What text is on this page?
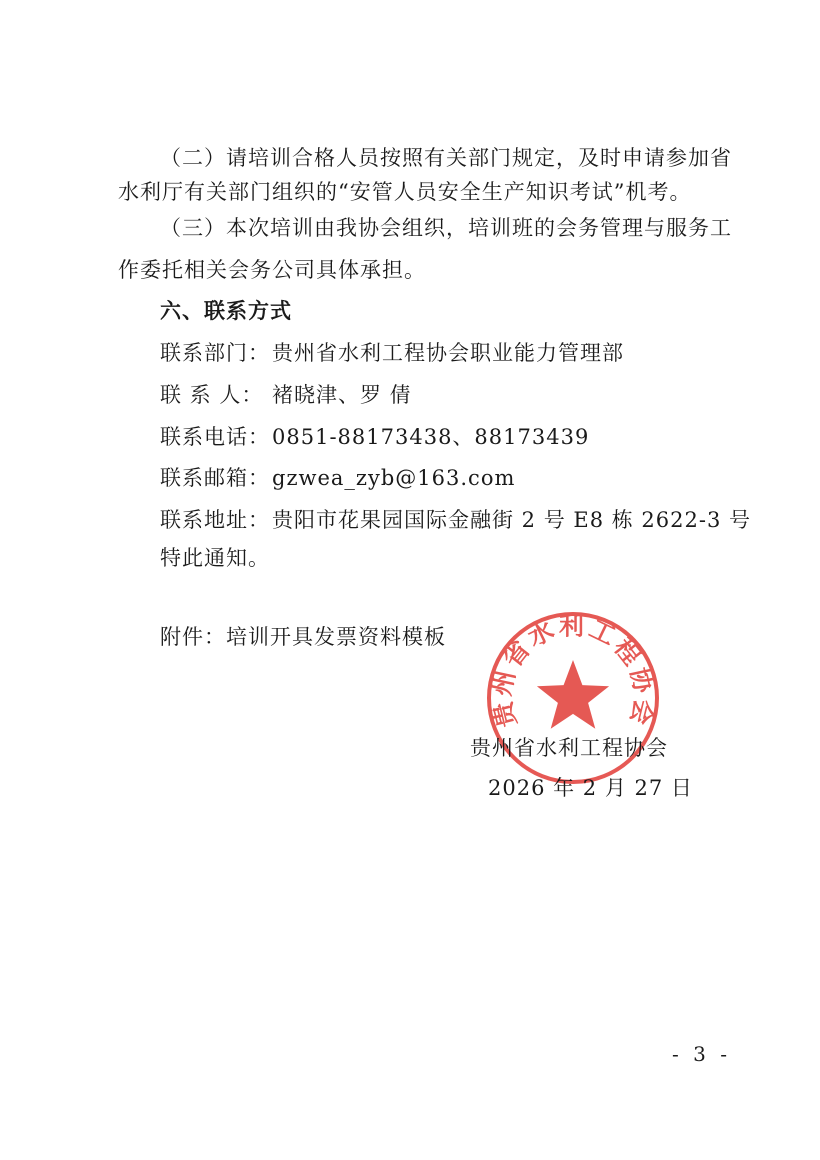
（二）请培训合格人员按照有关部门规定，及时申请参加省
水利厅有关部门组织的“安管人员安全生产知识考试”机考。
（三）本次培训由我协会组织，培训班的会务管理与服务工
作委托相关会务公司具体承担。
六、联系方式
联系部门：贵州省水利工程协会职业能力管理部
联 系 人： 褚晓津、罗 倩
联系电话：0851-88173438、88173439
联系邮箱：gzwea_zyb@163.com
联系地址：贵阳市花果园国际金融街 2 号 E8 栋 2622-3 号
特此通知。
附件：培训开具发票资料模板
贵州省水利工程协会
贵州省水利工程协会
2026 年 2 月 27 日
- 3 -
